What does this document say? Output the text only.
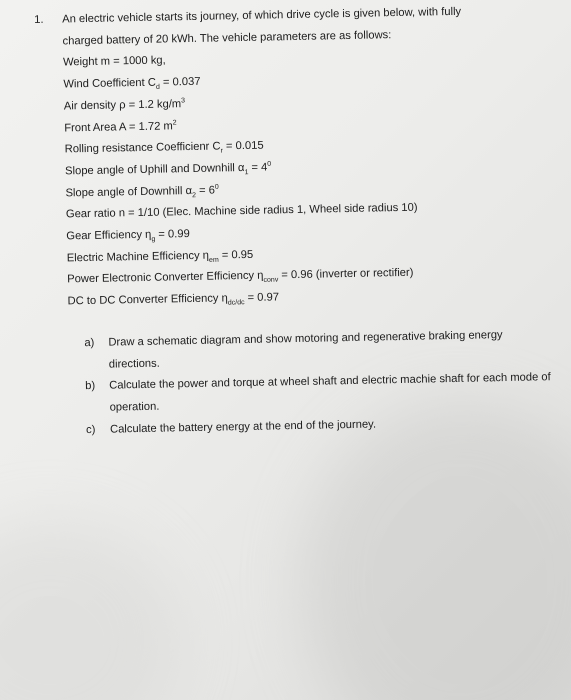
1.	An electric vehicle starts its journey, of which drive cycle is given below, with fully
charged battery of 20 kWh. The vehicle parameters are as follows:
Weight m = 1000 kg,
Wind Coefficient $C_d = 0.037$
Air density ρ = 1.2 $kg/m^3$
Front Area A = 1.72 $m^2$
Rolling resistance Coefficienr $C_r = 0.015$
Slope angle of Uphill and Downhill $\alpha_1 = 4^0$
Slope angle of Downhill $\alpha_2 = 6^0$
Gear ratio n = 1/10 (Elec. Machine side radius 1, Wheel side radius 10)
Gear Efficiency $\eta_g = 0.99$
Electric Machine Efficiency $\eta_{em} = 0.95$
Power Electronic Converter Efficiency $\eta_{conv} = 0.96$ (inverter or rectifier)
DC to DC Converter Efficiency $\eta_{dc/dc} = 0.97$
a)	Draw a schematic diagram and show motoring and regenerative braking energy directions.
b)	Calculate the power and torque at wheel shaft and electric machie shaft for each mode of operation.
c)	Calculate the battery energy at the end of the journey.
